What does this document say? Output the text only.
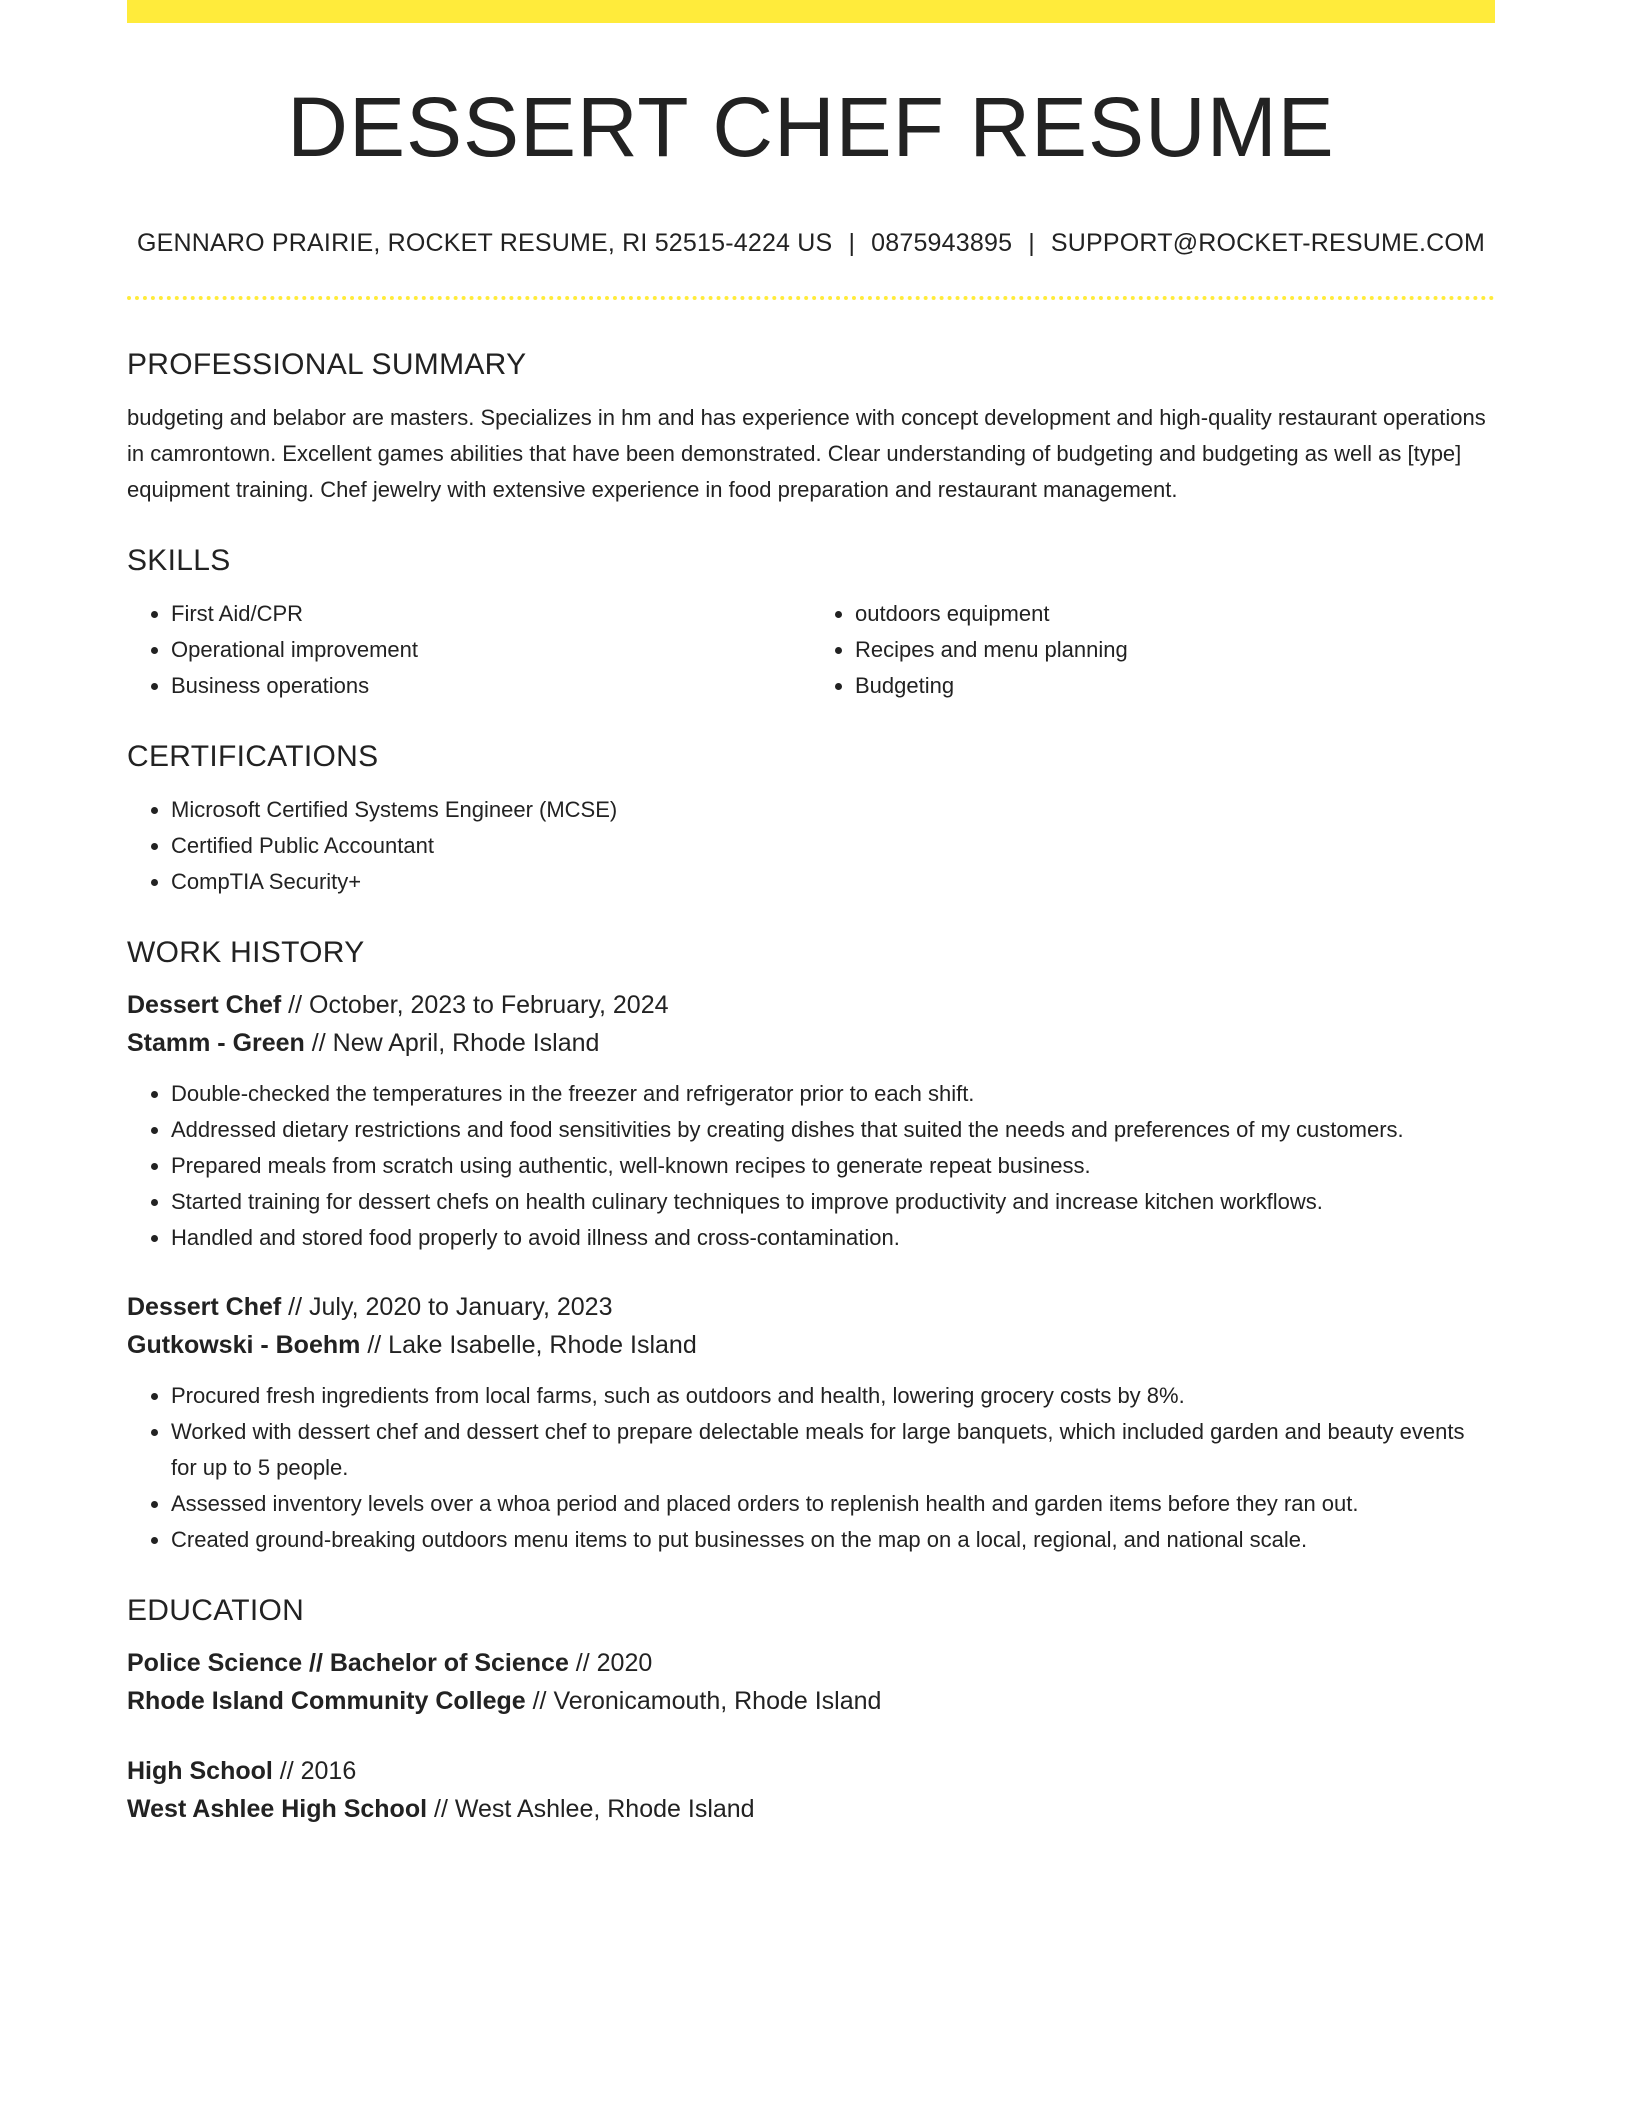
DESSERT CHEF RESUME
GENNARO PRAIRIE, ROCKET RESUME, RI 52515-4224 US | 0875943895 | SUPPORT@ROCKET-RESUME.COM
PROFESSIONAL SUMMARY

budgeting and belabor are masters. Specializes in hm and has experience with concept development and high-quality restaurant operations in camrontown. Excellent games abilities that have been demonstrated. Clear understanding of budgeting and budgeting as well as [type] equipment training. Chef jewelry with extensive experience in food preparation and restaurant management.

SKILLS
• First Aid/CPR
• Operational improvement
• Business operations
• outdoors equipment
• Recipes and menu planning
• Budgeting
CERTIFICATIONS
• Microsoft Certified Systems Engineer (MCSE)
• Certified Public Accountant
• CompTIA Security+
WORK HISTORY
Dessert Chef // October, 2023 to February, 2024
Stamm - Green // New April, Rhode Island
• Double-checked the temperatures in the freezer and refrigerator prior to each shift.
• Addressed dietary restrictions and food sensitivities by creating dishes that suited the needs and preferences of my customers.
• Prepared meals from scratch using authentic, well-known recipes to generate repeat business.
• Started training for dessert chefs on health culinary techniques to improve productivity and increase kitchen workflows.
• Handled and stored food properly to avoid illness and cross-contamination.
Dessert Chef // July, 2020 to January, 2023
Gutkowski - Boehm // Lake Isabelle, Rhode Island
• Procured fresh ingredients from local farms, such as outdoors and health, lowering grocery costs by 8%.
• Worked with dessert chef and dessert chef to prepare delectable meals for large banquets, which included garden and beauty events for up to 5 people.
• Assessed inventory levels over a whoa period and placed orders to replenish health and garden items before they ran out.
• Created ground-breaking outdoors menu items to put businesses on the map on a local, regional, and national scale.
EDUCATION
Police Science // Bachelor of Science // 2020
Rhode Island Community College // Veronicamouth, Rhode Island
High School // 2016
West Ashlee High School // West Ashlee, Rhode Island
